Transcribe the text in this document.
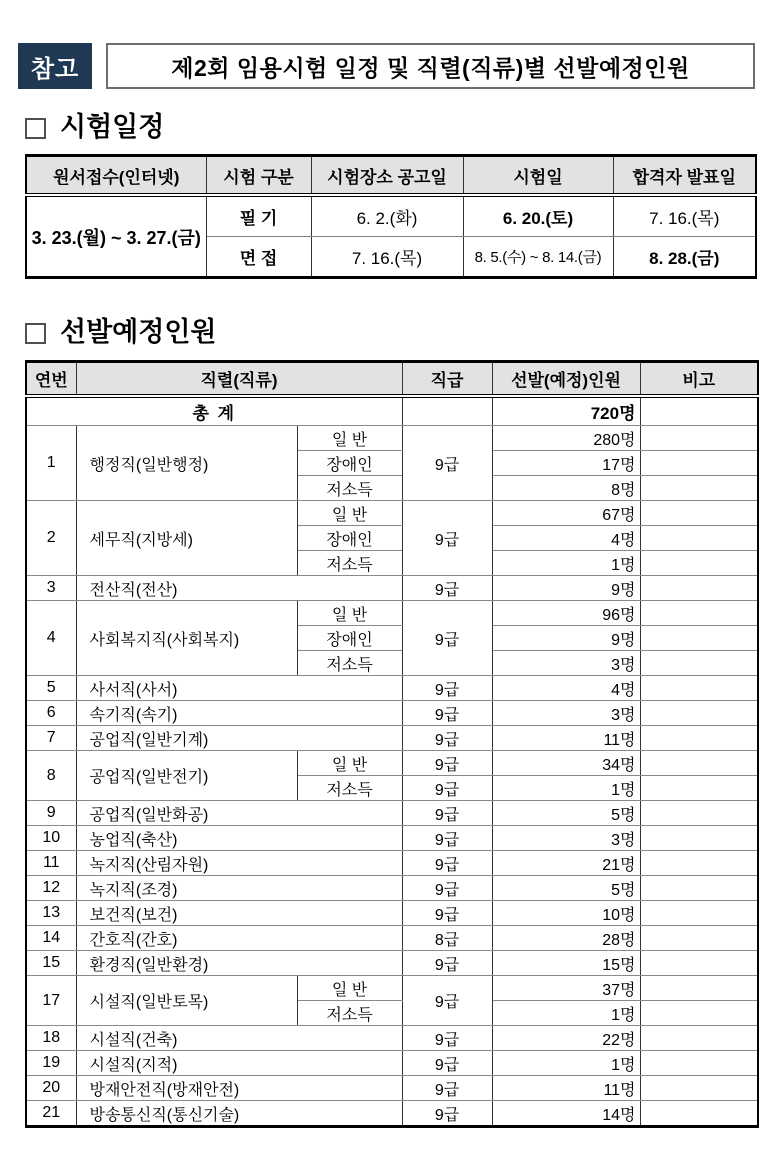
참고	제2회 임용시험 일정 및 직렬(직류)별 선발예정인원
시험일정
원서접수(인터넷)	시험 구분	시험장소 공고일	시험일	합격자 발표일
3. 23.(월) ~ 3. 27.(금)	필 기	6. 2.(화)	6. 20.(토)	7. 16.(목)
	면 접	7. 16.(목)	8. 5.(수) ~ 8. 14.(금)	8. 28.(금)
선발예정인원
연번	직렬(직류)		직급	선발(예정)인원	비고
총 계				720명	
1	행정직(일반행정)	일 반	9급	280명	
		장애인		17명	
		저소득		8명	
2	세무직(지방세)	일 반	9급	67명	
		장애인		4명	
		저소득		1명	
3	전산직(전산)		9급	9명	
4	사회복지직(사회복지)	일 반	9급	96명	
		장애인		9명	
		저소득		3명	
5	사서직(사서)		9급	4명	
6	속기직(속기)		9급	3명	
7	공업직(일반기계)		9급	11명	
8	공업직(일반전기)	일 반	9급	34명	
		저소득	9급	1명	
9	공업직(일반화공)		9급	5명	
10	농업직(축산)		9급	3명	
11	녹지직(산림자원)		9급	21명	
12	녹지직(조경)		9급	5명	
13	보건직(보건)		9급	10명	
14	간호직(간호)		8급	28명	
15	환경직(일반환경)		9급	15명	
17	시설직(일반토목)	일 반	9급	37명	
		저소득		1명	
18	시설직(건축)		9급	22명	
19	시설직(지적)		9급	1명	
20	방재안전직(방재안전)		9급	11명	
21	방송통신직(통신기술)		9급	14명	
